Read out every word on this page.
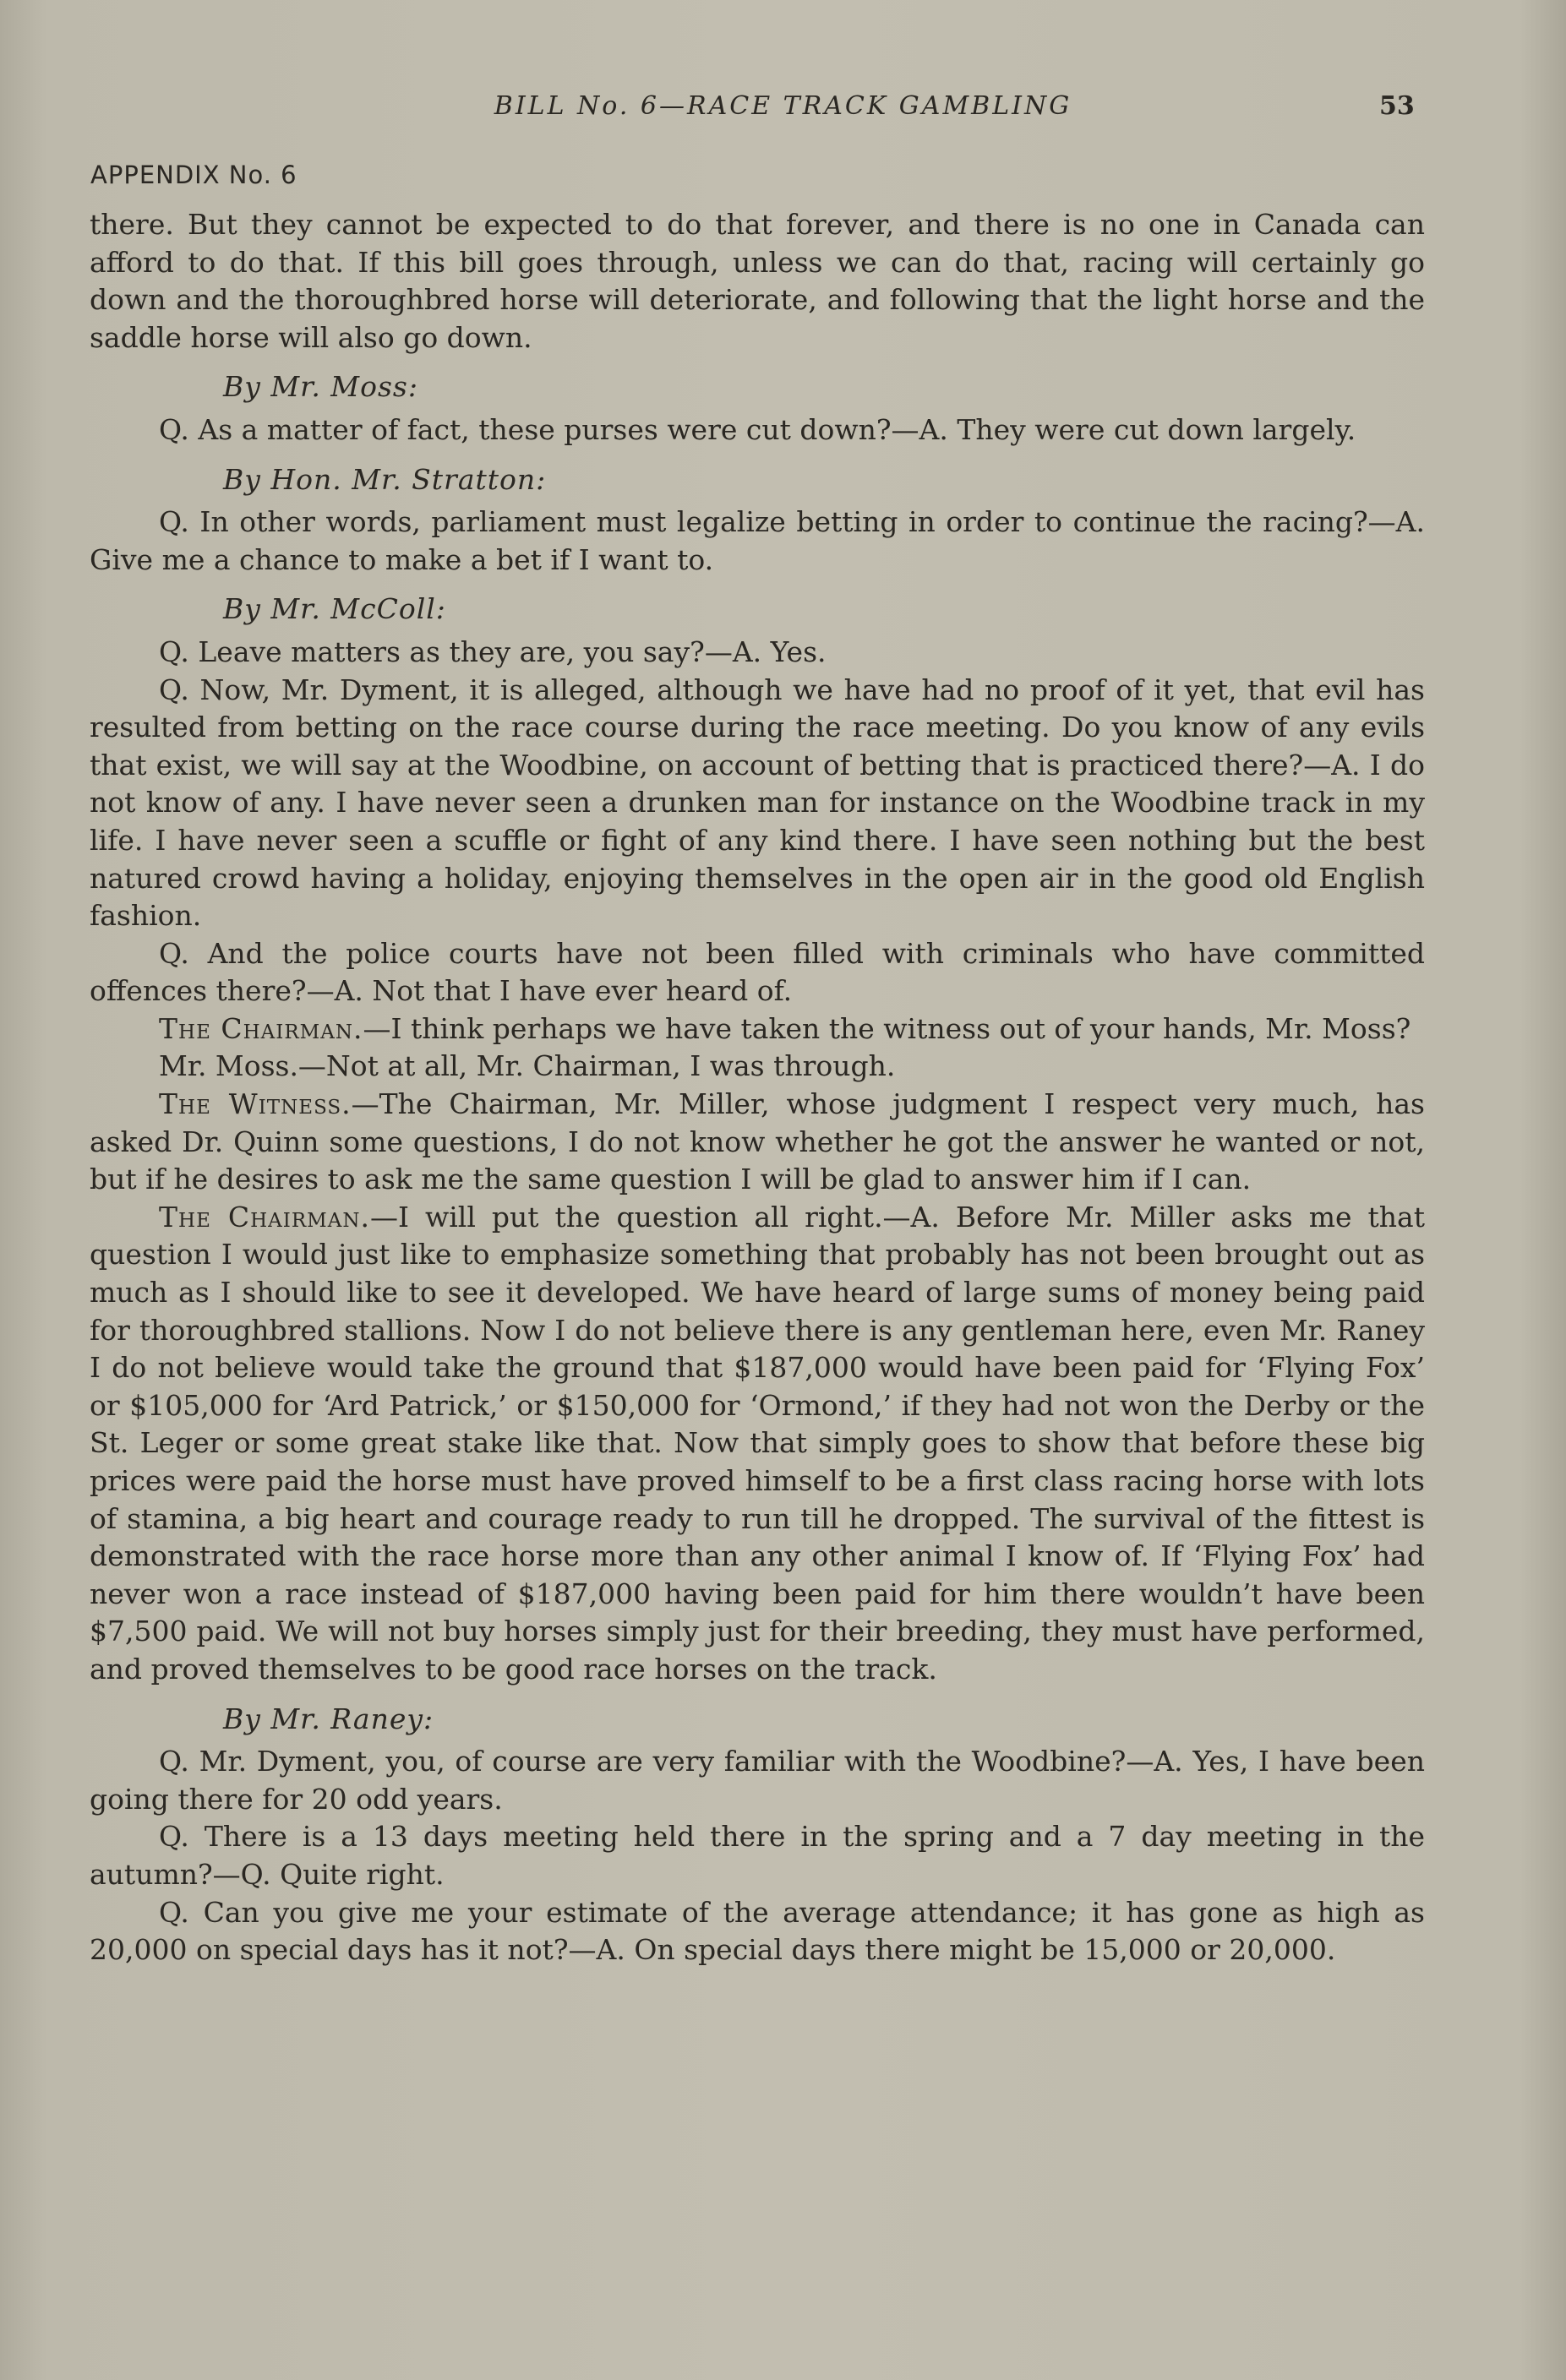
BILL No. 6—RACE TRACK GAMBLING	53
APPENDIX No. 6

there. But they cannot be expected to do that forever, and there is no one in Canada can afford to do that. If this bill goes through, unless we can do that, racing will certainly go down and the thoroughbred horse will deteriorate, and following that the light horse and the saddle horse will also go down.

By Mr. Moss:

Q. As a matter of fact, these purses were cut down?—A. They were cut down largely.

By Hon. Mr. Stratton:

Q. In other words, parliament must legalize betting in order to continue the racing?—A. Give me a chance to make a bet if I want to.

By Mr. McColl:

Q. Leave matters as they are, you say?—A. Yes.

Q. Now, Mr. Dyment, it is alleged, although we have had no proof of it yet, that evil has resulted from betting on the race course during the race meeting. Do you know of any evils that exist, we will say at the Woodbine, on account of betting that is practiced there?—A. I do not know of any. I have never seen a drunken man for instance on the Woodbine track in my life. I have never seen a scuffle or fight of any kind there. I have seen nothing but the best natured crowd having a holiday, enjoying themselves in the open air in the good old English fashion.

Q. And the police courts have not been filled with criminals who have committed offences there?—A. Not that I have ever heard of.

The Chairman.—I think perhaps we have taken the witness out of your hands, Mr. Moss?

Mr. Moss.—Not at all, Mr. Chairman, I was through.

The Witness.—The Chairman, Mr. Miller, whose judgment I respect very much, has asked Dr. Quinn some questions, I do not know whether he got the answer he wanted or not, but if he desires to ask me the same question I will be glad to answer him if I can.

The Chairman.—I will put the question all right.—A. Before Mr. Miller asks me that question I would just like to emphasize something that probably has not been brought out as much as I should like to see it developed. We have heard of large sums of money being paid for thoroughbred stallions. Now I do not believe there is any gentleman here, even Mr. Raney I do not believe would take the ground that $187,000 would have been paid for ‘Flying Fox’ or $105,000 for ‘Ard Patrick,’ or $150,000 for ‘Ormond,’ if they had not won the Derby or the St. Leger or some great stake like that. Now that simply goes to show that before these big prices were paid the horse must have proved himself to be a first class racing horse with lots of stamina, a big heart and courage ready to run till he dropped. The survival of the fittest is demonstrated with the race horse more than any other animal I know of. If ‘Flying Fox’ had never won a race instead of $187,000 having been paid for him there wouldn’t have been $7,500 paid. We will not buy horses simply just for their breeding, they must have performed, and proved themselves to be good race horses on the track.

By Mr. Raney:

Q. Mr. Dyment, you, of course are very familiar with the Woodbine?—A. Yes, I have been going there for 20 odd years.

Q. There is a 13 days meeting held there in the spring and a 7 day meeting in the autumn?—Q. Quite right.

Q. Can you give me your estimate of the average attendance; it has gone as high as 20,000 on special days has it not?—A. On special days there might be 15,000 or 20,000.
